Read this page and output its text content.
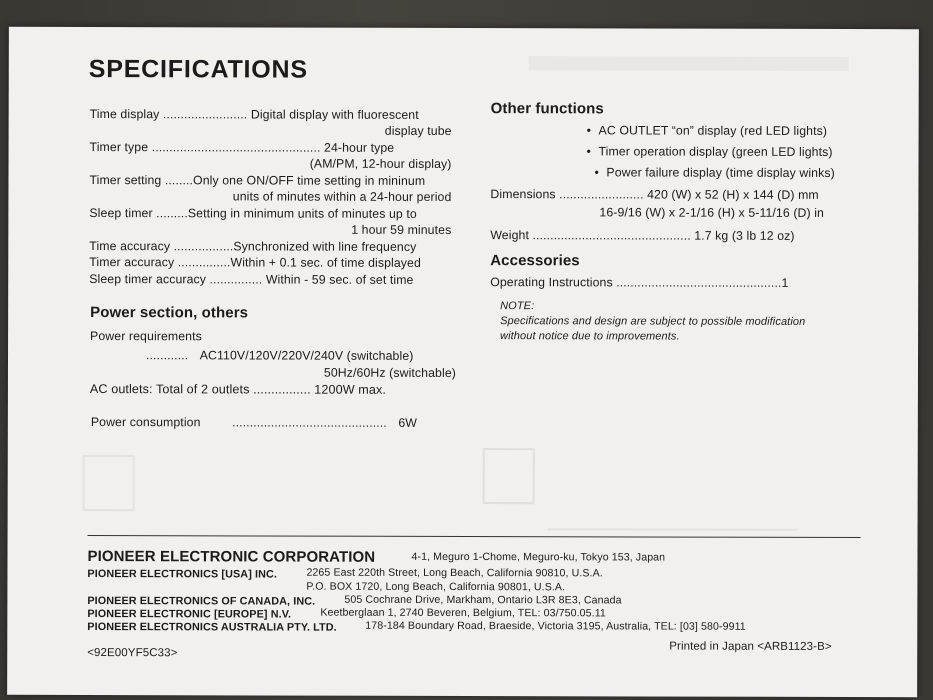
SPECIFICATIONS
Time display ........................ Digital display with fluorescent
display tube
Timer type ................................................ 24-hour type
(AM/PM, 12-hour display)
Timer setting ........Only one ON/OFF time setting in mininum
units of minutes within a 24-hour period
Sleep timer .........Setting in minimum units of minutes up to
1 hour 59 minutes
Time accuracy .................Synchronized with line frequency
Timer accuracy ...............Within + 0.1 sec. of time displayed
Sleep timer accuracy ............... Within - 59 sec. of set time
Power section, others
Power requirements
............ AC110V/120V/220V/240V (switchable)
50Hz/60Hz (switchable)
AC outlets: Total of 2 outlets ................ 1200W max.
Power consumption	............................................ 6W
Other functions
• AC OUTLET “on” display (red LED lights)
• Timer operation display (green LED lights)
• Power failure display (time display winks)
Dimensions ........................ 420 (W) x 52 (H) x 144 (D) mm
16-9/16 (W) x 2-1/16 (H) x 5-11/16 (D) in
Weight ............................................. 1.7 kg (3 lb 12 oz)
Accessories
Operating Instructions ...............................................1
NOTE:
Specifications and design are subject to possible modification
without notice due to improvements.
PIONEER ELECTRONIC CORPORATION	4-1, Meguro 1-Chome, Meguro-ku, Tokyo 153, Japan
PIONEER ELECTRONICS [USA] INC.	2265 East 220th Street, Long Beach, California 90810, U.S.A.
P.O. BOX 1720, Long Beach, California 90801, U.S.A.
PIONEER ELECTRONICS OF CANADA, INC.	505 Cochrane Drive, Markham, Ontario L3R 8E3, Canada
PIONEER ELECTRONIC [EUROPE] N.V.	Keetberglaan 1, 2740 Beveren, Belgium, TEL: 03/750.05.11
PIONEER ELECTRONICS AUSTRALIA PTY. LTD.	178-184 Boundary Road, Braeside, Victoria 3195, Australia, TEL: [03] 580-9911
<92E00YF5C33>
Printed in Japan <ARB1123-B>
